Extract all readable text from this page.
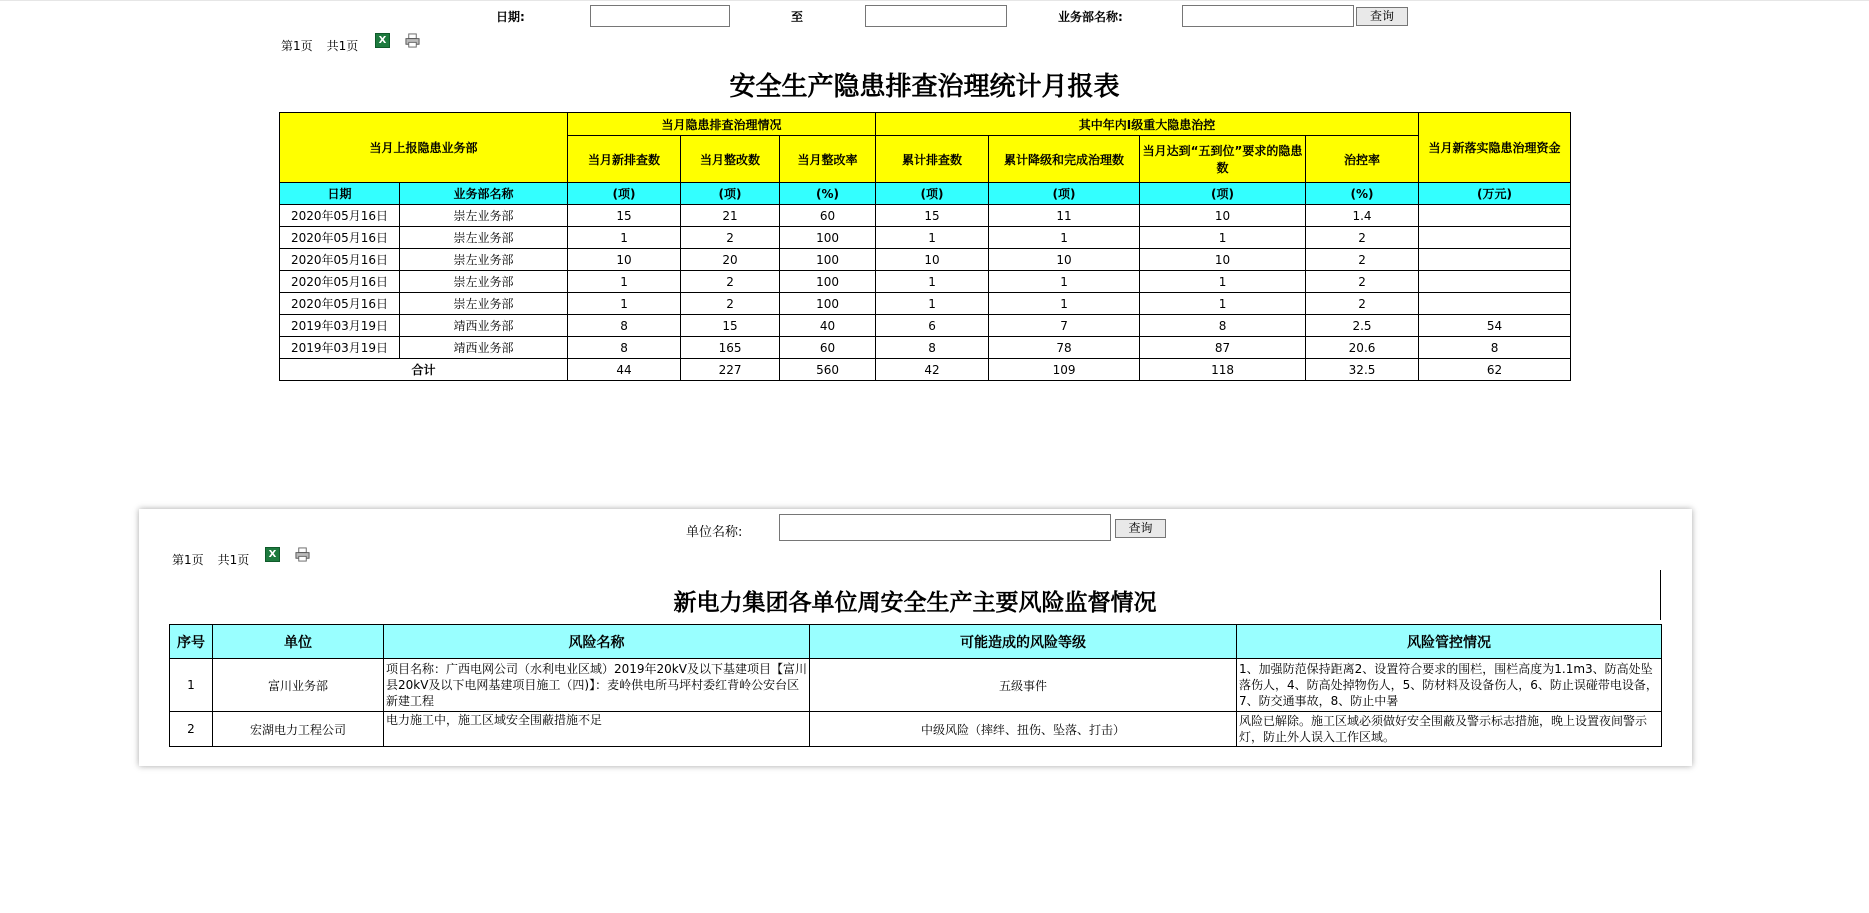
日期:	至	业务部名称:	查询
第1页 共1页	X
安全生产隐患排查治理统计月报表
当月上报隐患业务部		当月隐患排查治理情况			其中年内Ⅰ级重大隐患治控				当月新落实隐患治理资金
		当月新排查数	当月整改数	当月整改率	累计排查数	累计降级和完成治理数	当月达到“五到位”要求的隐患数	治控率	
日期	业务部名称	(项)	(项)	(%)	(项)	(项)	(项)	(%)	(万元)
2020年05月16日	崇左业务部	15	21	60	15	11	10	1.4	
2020年05月16日	崇左业务部	1	2	100	1	1	1	2	
2020年05月16日	崇左业务部	10	20	100	10	10	10	2	
2020年05月16日	崇左业务部	1	2	100	1	1	1	2	
2020年05月16日	崇左业务部	1	2	100	1	1	1	2	
2019年03月19日	靖西业务部	8	15	40	6	7	8	2.5	54
2019年03月19日	靖西业务部	8	165	60	8	78	87	20.6	8
合计		44	227	560	42	109	118	32.5	62
单位名称:	查询
第1页 共1页	X
新电力集团各单位周安全生产主要风险监督情况
序号	单位	风险名称	可能造成的风险等级	风险管控情况
1	富川业务部	项目名称：广西电网公司（水利电业区域）2019年20kV及以下基建项目【富川县20kV及以下电网基建项目施工（四)】：麦岭供电所马坪村委红背岭公安台区新建工程	五级事件	1、加强防范保持距离2、设置符合要求的围栏，围栏高度为1.1m3、防高处坠落伤人，4、防高处掉物伤人，5、防材料及设备伤人，6、防止误碰带电设备，7、防交通事故，8、防止中暑
2	宏湖电力工程公司	电力施工中，施工区域安全围蔽措施不足	中级风险（摔绊、扭伤、坠落、打击）	风险已解除。施工区域必须做好安全围蔽及警示标志措施，晚上设置夜间警示灯，防止外人误入工作区域。
